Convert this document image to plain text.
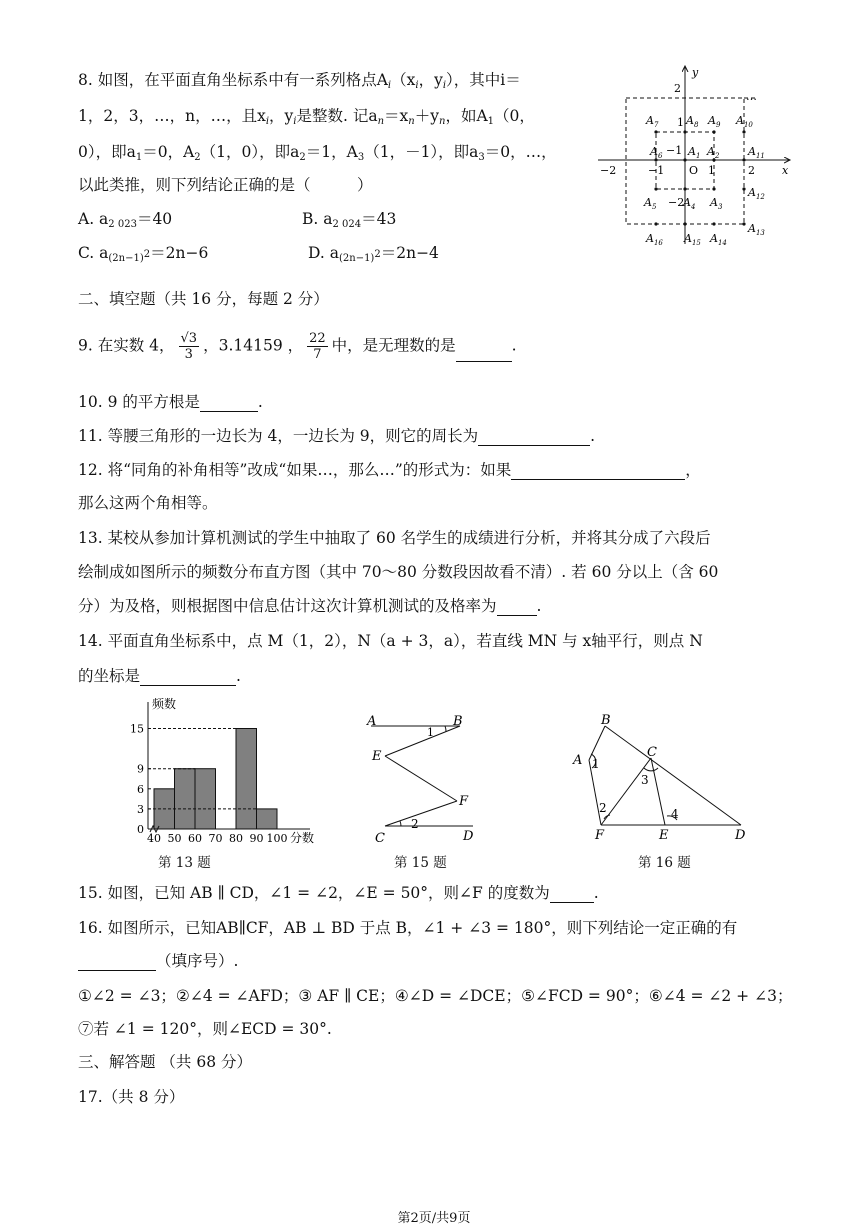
8. 如图，在平面直角坐标系中有一系列格点$A_i(x_i$，$y_i$），其中i＝
1，2，3，…，n，…，且$x_i$，$y_i$是整数. 记$a_n=x_n+y_n$，如$A_1(0$，
0），即$a_1=0$，$A_2(1$，0），即$a_2=1$，$A_3(1$，－1），即$a_3=0$，…，
以此类推，则下列结论正确的是（　　　）
A. $a_{2 023}=40$	B. $a_{2 024}=43$
C. $a_{(2n-1)}2=2n-6$	D. $a_{(2n-1)}2=2n-4$
y
x
O
2
1
−1
−2
−2	−1	1	2
…
$A_1$ $A_2$
$A_3$
$A_4$
$A_5$
$A_6$
$A_7$	$A_8$ $A_9$ $A_{10}$
$A_{11}$
$A_{12}$
$A_{13}$
$A_{14}$
$A_{15}$
$A_{16}$
二、填空题（共 16 分，每题 2 分）
9. 在实数 4， $\frac{√3}{3}$ ，3.14159 ， $\frac{22}{7}$ 中，是无理数的是	.
10. 9 的平方根是	.
11. 等腰三角形的一边长为 4，一边长为 9，则它的周长为	.
12. 将“同角的补角相等”改成“如果…，那么…”的形式为：如果	，
那么这两个角相等。
13. 某校从参加计算机测试的学生中抽取了 60 名学生的成绩进行分析，并将其分成了六段后
绘制成如图所示的频数分布直方图（其中 70～80 分数段因故看不清）. 若 60 分以上（含 60
分）为及格，则根据图中信息估计这次计算机测试的及格率为	.
14. 平面直角坐标系中，点 M（1，2），N（a + 3，a），若直线 MN 与 x轴平行，则点 N
的坐标是	.
频数
分数
0
3
6
9
15
40 50 60 70 80 90 100
第 13 题
A	B
E
F
C	D
1
2
第 15 题
B
C
A 1
3
2	4
F	E	D
第 16 题
15. 如图，已知 AB ∥ CD，∠1 = ∠2，∠E = 50°，则∠F 的度数为	.
16. 如图所示，已知AB∥CF，AB ⊥ BD 于点 B，∠1 + ∠3 = 180°，则下列结论一定正确的有
（填序号）.
①∠2 = ∠3；②∠4 = ∠AFD；③ AF ∥ CE；④∠D = ∠DCE；⑤∠FCD = 90°；⑥∠4 = ∠2 + ∠3；
⑦若 ∠1 = 120°，则∠ECD = 30°.
三、解答题 （共 68 分）
17.（共 8 分）
第2页/共9页
